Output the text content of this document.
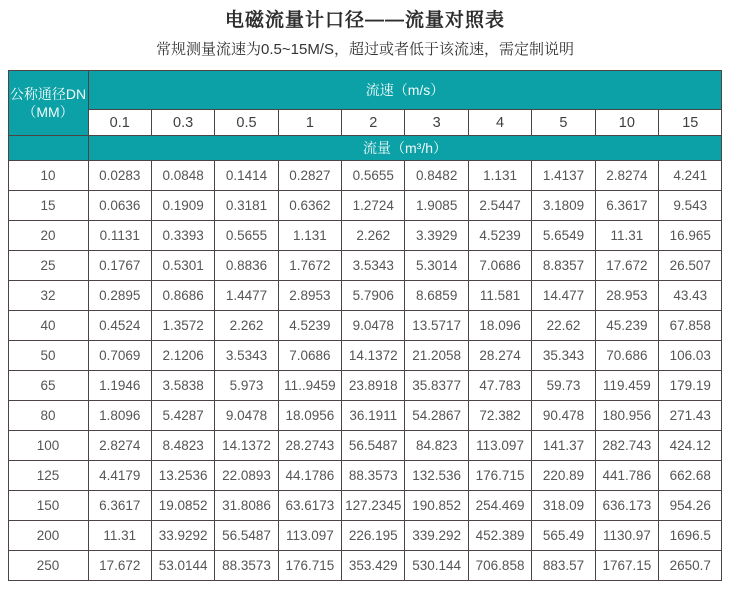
电磁流量计口径——流量对照表
常规测量流速为0.5~15M/S，超过或者低于该流速，需定制说明
公称通径DN
（MM）	流速（m/s）									
	0.1	0.3	0.5	1	2	3	4	5	10	15
	流量（m³/h）									
10	0.0283	0.0848	0.1414	0.2827	0.5655	0.8482	1.131	1.4137	2.8274	4.241
15	0.0636	0.1909	0.3181	0.6362	1.2724	1.9085	2.5447	3.1809	6.3617	9.543
20	0.1131	0.3393	0.5655	1.131	2.262	3.3929	4.5239	5.6549	11.31	16.965
25	0.1767	0.5301	0.8836	1.7672	3.5343	5.3014	7.0686	8.8357	17.672	26.507
32	0.2895	0.8686	1.4477	2.8953	5.7906	8.6859	11.581	14.477	28.953	43.43
40	0.4524	1.3572	2.262	4.5239	9.0478	13.5717	18.096	22.62	45.239	67.858
50	0.7069	2.1206	3.5343	7.0686	14.1372	21.2058	28.274	35.343	70.686	106.03
65	1.1946	3.5838	5.973	11..9459	23.8918	35.8377	47.783	59.73	119.459	179.19
80	1.8096	5.4287	9.0478	18.0956	36.1911	54.2867	72.382	90.478	180.956	271.43
100	2.8274	8.4823	14.1372	28.2743	56.5487	84.823	113.097	141.37	282.743	424.12
125	4.4179	13.2536	22.0893	44.1786	88.3573	132.536	176.715	220.89	441.786	662.68
150	6.3617	19.0852	31.8086	63.6173	127.2345	190.852	254.469	318.09	636.173	954.26
200	11.31	33.9292	56.5487	113.097	226.195	339.292	452.389	565.49	1130.97	1696.5
250	17.672	53.0144	88.3573	176.715	353.429	530.144	706.858	883.57	1767.15	2650.7
